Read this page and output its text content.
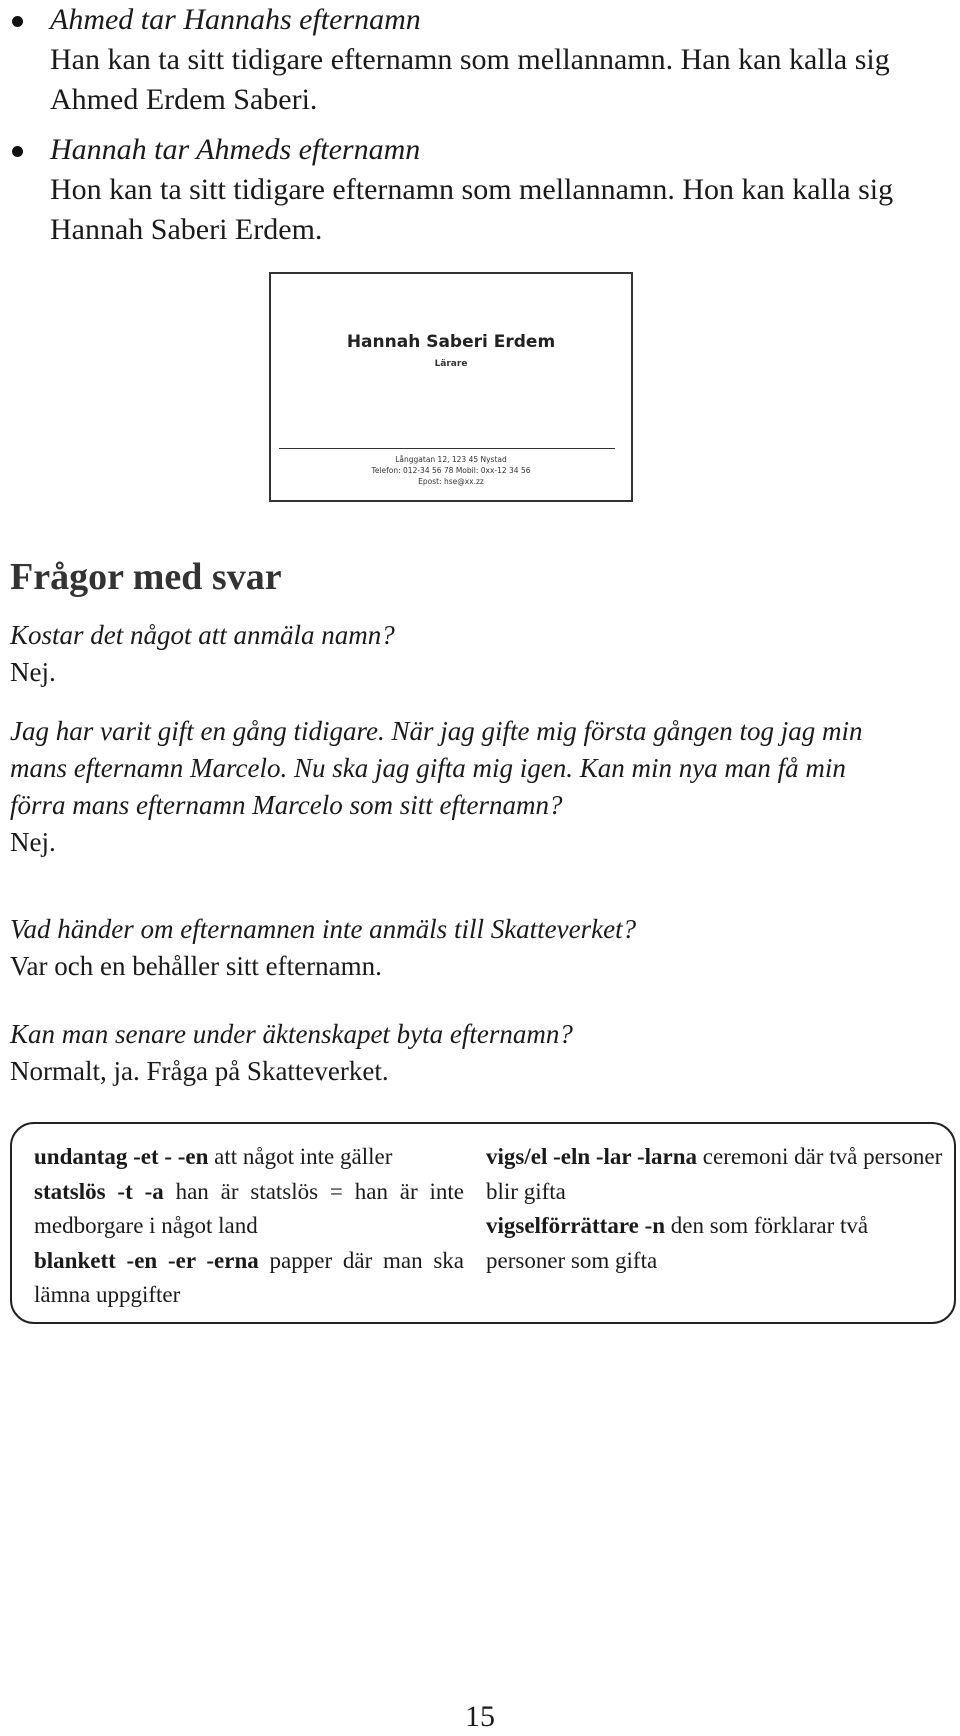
Ahmed tar Hannahs efternamn
Han kan ta sitt tidigare efternamn som mellannamn. Han kan kalla sig
Ahmed Erdem Saberi.
Hannah tar Ahmeds efternamn
Hon kan ta sitt tidigare efternamn som mellannamn. Hon kan kalla sig
Hannah Saberi Erdem.
Hannah Saberi Erdem
Lärare
Långgatan 12, 123 45 Nystad
Telefon: 012-34 56 78 Mobil: 0xx-12 34 56
Epost: hse@xx.zz
Frågor med svar
Kostar det något att anmäla namn?
Nej.
Jag har varit gift en gång tidigare. När jag gifte mig första gången tog jag min
mans efternamn Marcelo. Nu ska jag gifta mig igen. Kan min nya man få min
förra mans efternamn Marcelo som sitt efternamn?
Nej.
Vad händer om efternamnen inte anmäls till Skatteverket?
Var och en behåller sitt efternamn.
Kan man senare under äktenskapet byta efternamn?
Normalt, ja. Fråga på Skatteverket.
undantag -et - -en att något inte gäller
statslös -t -a han är statslös = han är inte medborgare i något land
blankett -en -er -erna papper där man ska lämna uppgifter
vigs/el -eln -lar -larna ceremoni där två personer blir gifta
vigselförrättare -n den som förklarar två personer som gifta
15
